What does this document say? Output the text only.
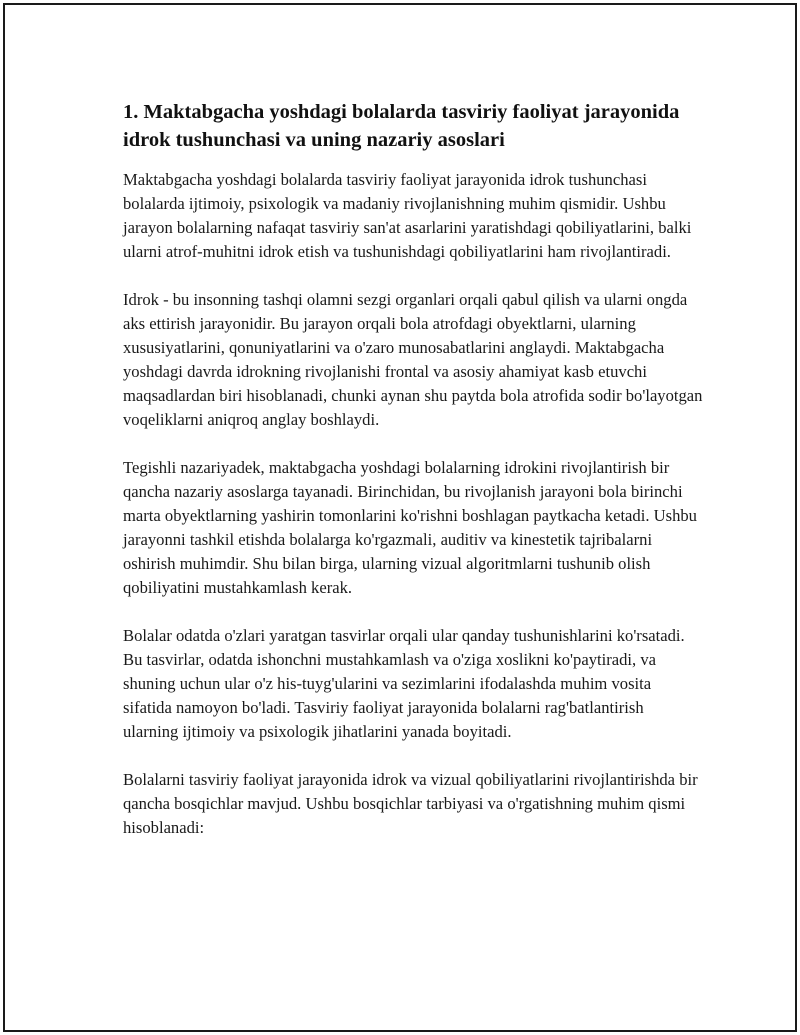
1. Maktabgacha yoshdagi bolalarda tasviriy faoliyat jarayonida idrok tushunchasi va uning nazariy asoslari

Maktabgacha yoshdagi bolalarda tasviriy faoliyat jarayonida idrok tushunchasi bolalarda ijtimoiy, psixologik va madaniy rivojlanishning muhim qismidir. Ushbu jarayon bolalarning nafaqat tasviriy san'at asarlarini yaratishdagi qobiliyatlarini, balki ularni atrof-muhitni idrok etish va tushunishdagi qobiliyatlarini ham rivojlantiradi.

Idrok - bu insonning tashqi olamni sezgi organlari orqali qabul qilish va ularni ongda aks ettirish jarayonidir. Bu jarayon orqali bola atrofdagi obyektlarni, ularning xususiyatlarini, qonuniyatlarini va o'zaro munosabatlarini anglaydi. Maktabgacha yoshdagi davrda idrokning rivojlanishi frontal va asosiy ahamiyat kasb etuvchi maqsadlardan biri hisoblanadi, chunki aynan shu paytda bola atrofida sodir bo'layotgan voqeliklarni aniqroq anglay boshlaydi.

Tegishli nazariyadek, maktabgacha yoshdagi bolalarning idrokini rivojlantirish bir qancha nazariy asoslarga tayanadi. Birinchidan, bu rivojlanish jarayoni bola birinchi marta obyektlarning yashirin tomonlarini ko'rishni boshlagan paytkacha ketadi. Ushbu jarayonni tashkil etishda bolalarga ko'rgazmali, auditiv va kinestetik tajribalarni oshirish muhimdir. Shu bilan birga, ularning vizual algoritmlarni tushunib olish qobiliyatini mustahkamlash kerak.

Bolalar odatda o'zlari yaratgan tasvirlar orqali ular qanday tushunishlarini ko'rsatadi. Bu tasvirlar, odatda ishonchni mustahkamlash va o'ziga xoslikni ko'paytiradi, va shuning uchun ular o'z his-tuyg'ularini va sezimlarini ifodalashda muhim vosita sifatida namoyon bo'ladi. Tasviriy faoliyat jarayonida bolalarni rag'batlantirish ularning ijtimoiy va psixologik jihatlarini yanada boyitadi.

Bolalarni tasviriy faoliyat jarayonida idrok va vizual qobiliyatlarini rivojlantirishda bir qancha bosqichlar mavjud. Ushbu bosqichlar tarbiyasi va o'rgatishning muhim qismi hisoblanadi:
